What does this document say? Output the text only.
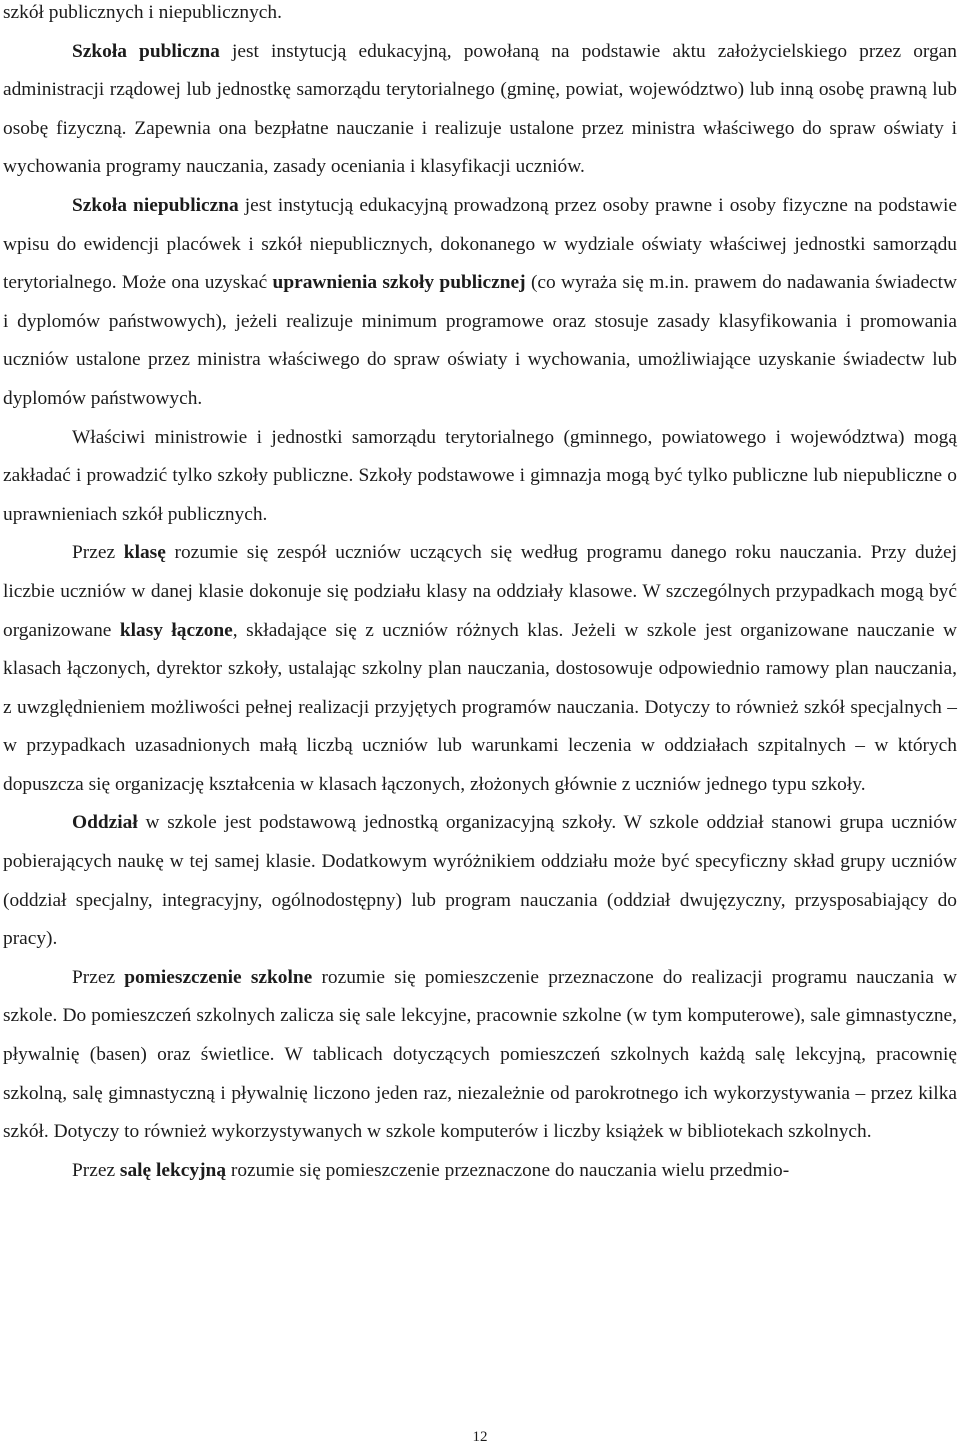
szkół publicznych i niepublicznych.

Szkoła publiczna jest instytucją edukacyjną, powołaną na podstawie aktu założycielskiego przez organ administracji rządowej lub jednostkę samorządu terytorialnego (gminę, powiat, województwo) lub inną osobę prawną lub osobę fizyczną. Zapewnia ona bezpłatne nauczanie i realizuje ustalone przez ministra właściwego do spraw oświaty i wychowania programy nauczania, zasady oceniania i klasyfikacji uczniów.

Szkoła niepubliczna jest instytucją edukacyjną prowadzoną przez osoby prawne i osoby fizyczne na podstawie wpisu do ewidencji placówek i szkół niepublicznych, dokonanego w wydziale oświaty właściwej jednostki samorządu terytorialnego. Może ona uzyskać uprawnienia szkoły publicznej (co wyraża się m.in. prawem do nadawania świadectw i dyplomów państwowych), jeżeli realizuje minimum programowe oraz stosuje zasady klasyfikowania i promowania uczniów ustalone przez ministra właściwego do spraw oświaty i wychowania, umożliwiające uzyskanie świadectw lub dyplomów państwowych.

Właściwi ministrowie i jednostki samorządu terytorialnego (gminnego, powiatowego i województwa) mogą zakładać i prowadzić tylko szkoły publiczne. Szkoły podstawowe i gimnazja mogą być tylko publiczne lub niepubliczne o uprawnieniach szkół publicznych.

Przez klasę rozumie się zespół uczniów uczących się według programu danego roku nauczania. Przy dużej liczbie uczniów w danej klasie dokonuje się podziału klasy na oddziały klasowe. W szczególnych przypadkach mogą być organizowane klasy łączone, składające się z uczniów różnych klas. Jeżeli w szkole jest organizowane nauczanie w klasach łączonych, dyrektor szkoły, ustalając szkolny plan nauczania, dostosowuje odpowiednio ramowy plan nauczania, z uwzględnieniem możliwości pełnej realizacji przyjętych programów nauczania. Dotyczy to również szkół specjalnych – w przypadkach uzasadnionych małą liczbą uczniów lub warunkami leczenia w oddziałach szpitalnych – w których dopuszcza się organizację kształcenia w klasach łączonych, złożonych głównie z uczniów jednego typu szkoły.

Oddział w szkole jest podstawową jednostką organizacyjną szkoły. W szkole oddział stanowi grupa uczniów pobierających naukę w tej samej klasie. Dodatkowym wyróżnikiem oddziału może być specyficzny skład grupy uczniów (oddział specjalny, integracyjny, ogólnodostępny) lub program nauczania (oddział dwujęzyczny, przysposabiający do pracy).

Przez pomieszczenie szkolne rozumie się pomieszczenie przeznaczone do realizacji programu nauczania w szkole. Do pomieszczeń szkolnych zalicza się sale lekcyjne, pracownie szkolne (w tym komputerowe), sale gimnastyczne, pływalnię (basen) oraz świetlice. W tablicach dotyczących pomieszczeń szkolnych każdą salę lekcyjną, pracownię szkolną, salę gimnastyczną i pływalnię liczono jeden raz, niezależnie od parokrotnego ich wykorzystywania – przez kilka szkół. Dotyczy to również wykorzystywanych w szkole komputerów i liczby książek w bibliotekach szkolnych.

Przez salę lekcyjną rozumie się pomieszczenie przeznaczone do nauczania wielu przedmio-

12
